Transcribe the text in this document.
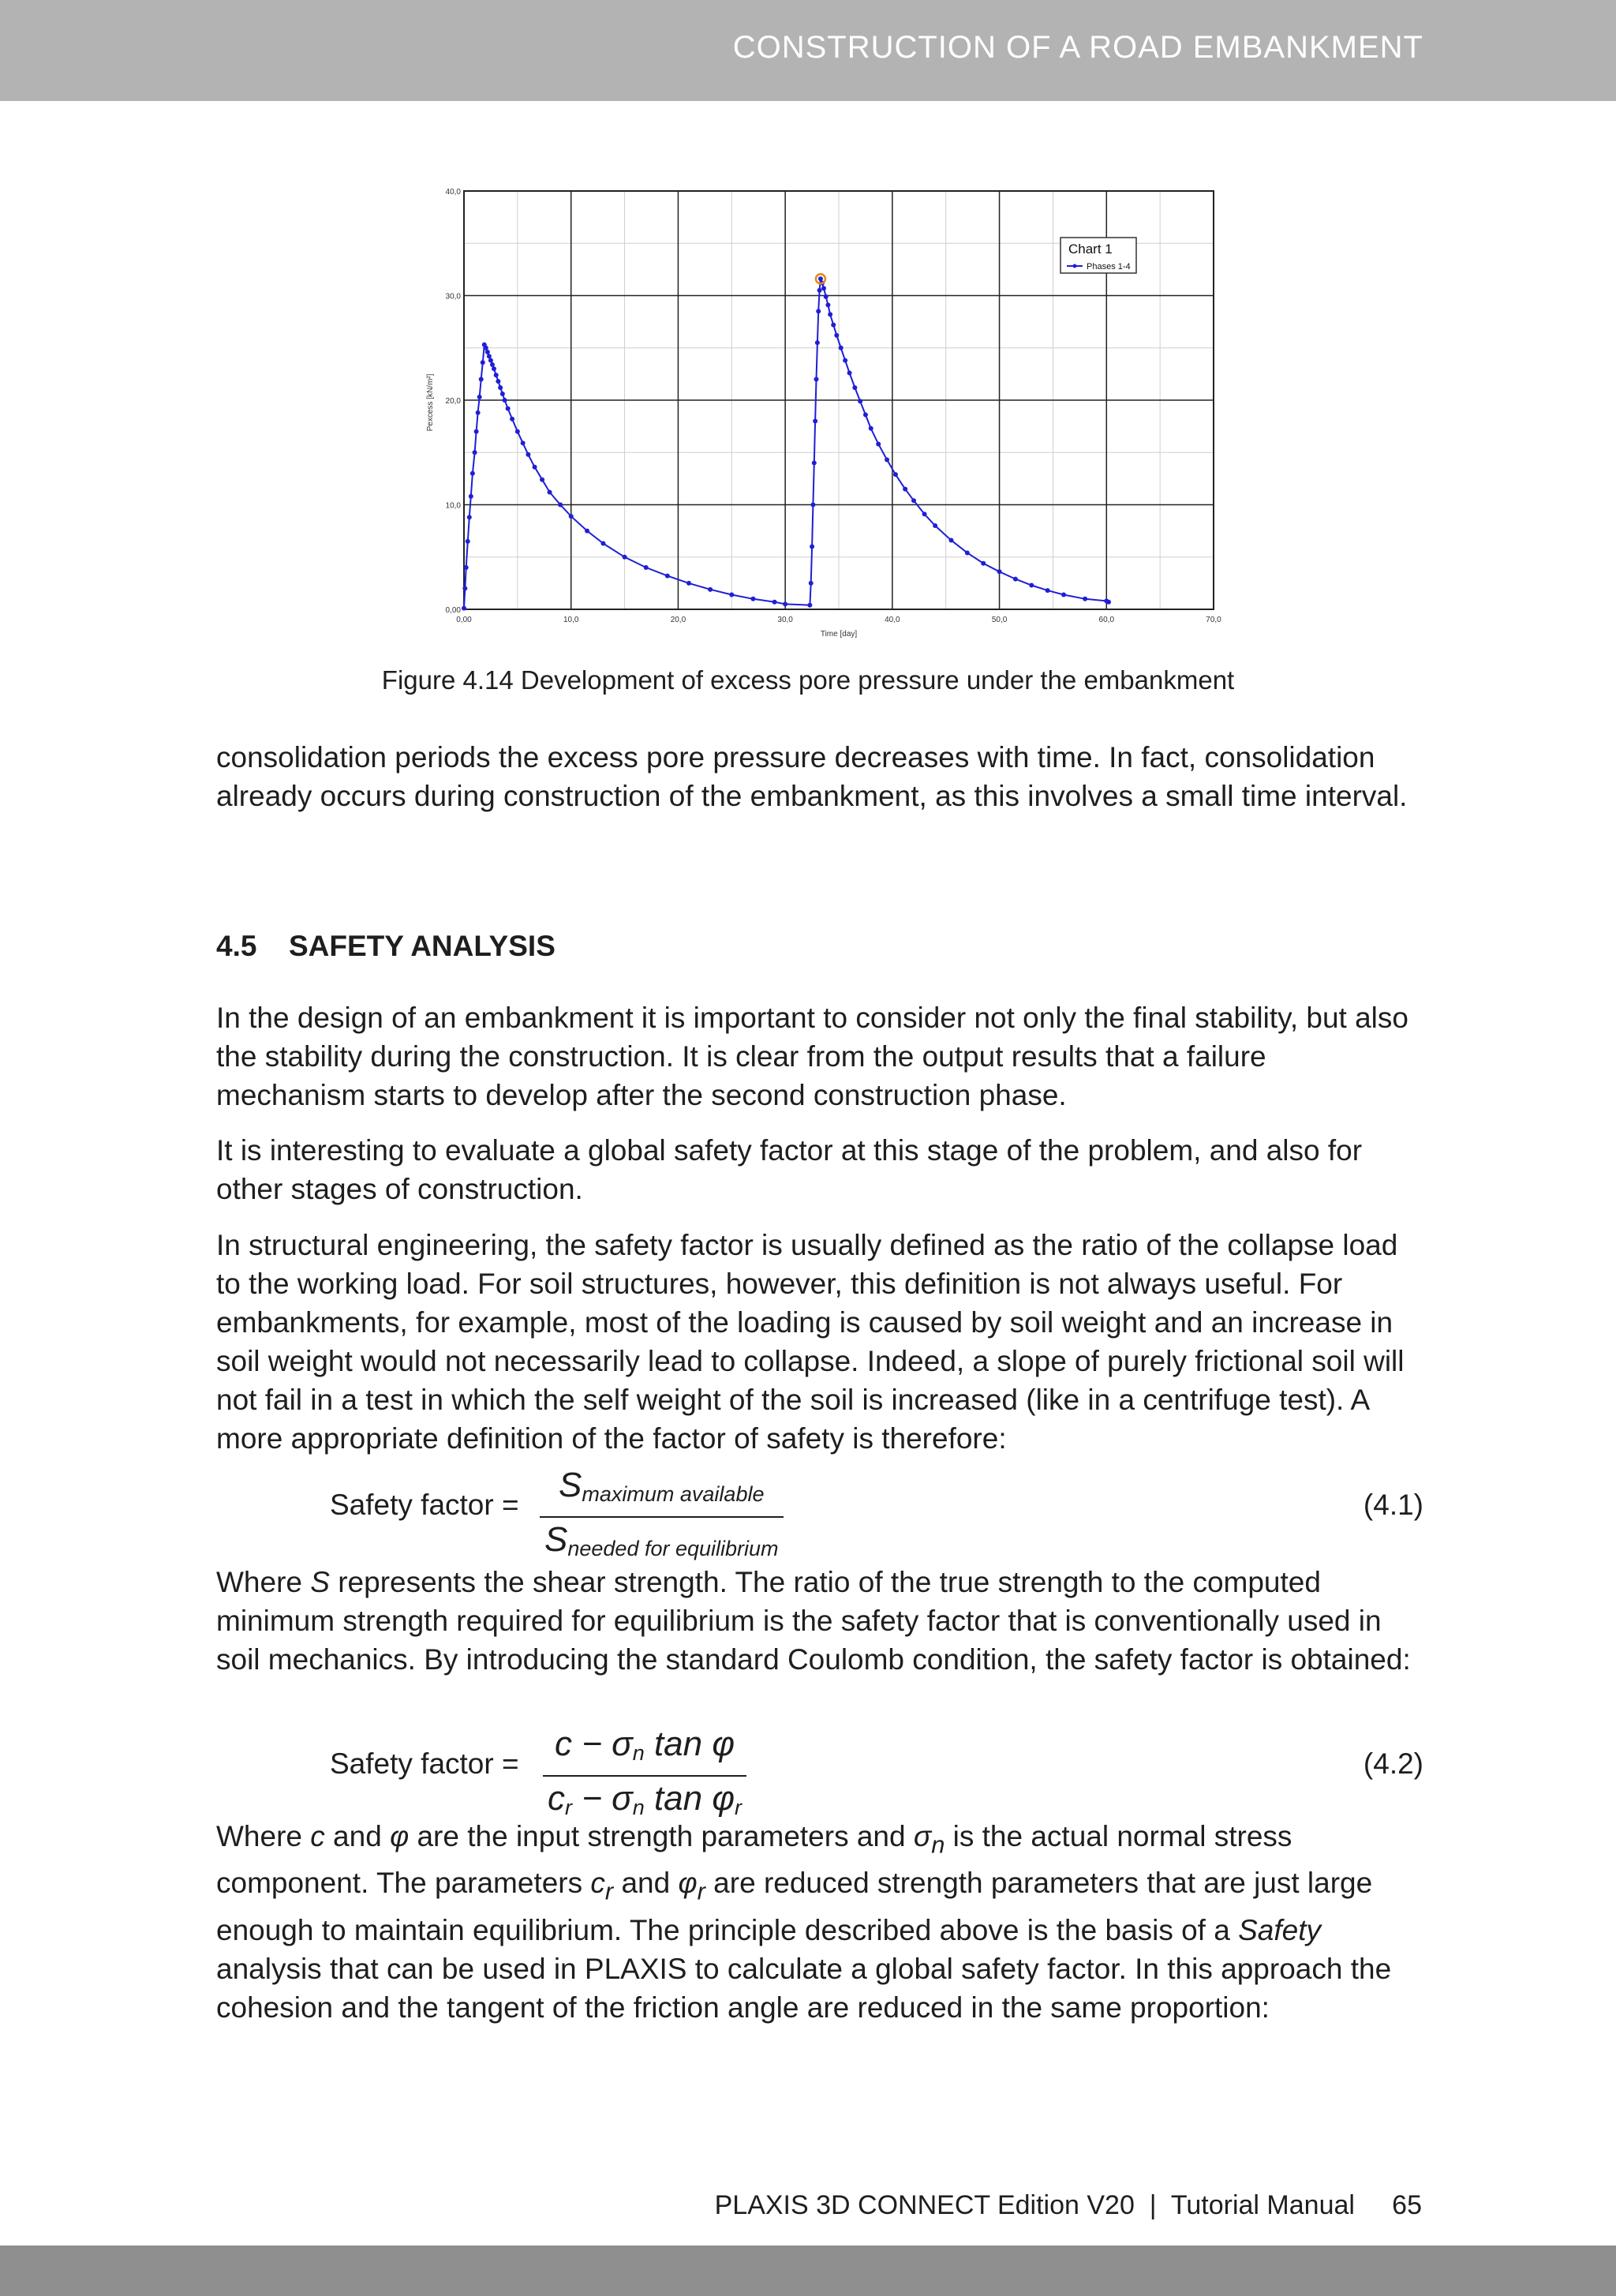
CONSTRUCTION OF A ROAD EMBANKMENT
0,00
10,0
20,0
30,0
40,0
0,00	10,0	20,0	30,0	40,0	50,0	60,0	70,0
Pexcess [kN/m²]
Time [day]
Chart 1
Phases 1-4
Figure 4.14 Development of excess pore pressure under the embankment

consolidation periods the excess pore pressure decreases with time. In fact, consolidation already occurs during construction of the embankment, as this involves a small time interval.

4.5 SAFETY ANALYSIS

In the design of an embankment it is important to consider not only the final stability, but also the stability during the construction. It is clear from the output results that a failure mechanism starts to develop after the second construction phase.

It is interesting to evaluate a global safety factor at this stage of the problem, and also for other stages of construction.

In structural engineering, the safety factor is usually defined as the ratio of the collapse load to the working load. For soil structures, however, this definition is not always useful. For embankments, for example, most of the loading is caused by soil weight and an increase in soil weight would not necessarily lead to collapse. Indeed, a slope of purely frictional soil will not fail in a test in which the self weight of the soil is increased (like in a centrifuge test). A more appropriate definition of the factor of safety is therefore:

Safety factor =
$S_{maximum available}$
$S_{needed for equilibrium}$
(4.1)

Where S represents the shear strength. The ratio of the true strength to the computed minimum strength required for equilibrium is the safety factor that is conventionally used in soil mechanics. By introducing the standard Coulomb condition, the safety factor is obtained:

Safety factor = $\frac{c - \sigma_n \tan \varphi}{c_r - \sigma_n \tan \varphi_r}$	(4.2)

Where c and φ are the input strength parameters and $\sigma_n$ is the actual normal stress component. The parameters $c_r$ and $\varphi_r$ are reduced strength parameters that are just large enough to maintain equilibrium. The principle described above is the basis of a Safety analysis that can be used in PLAXIS to calculate a global safety factor. In this approach the cohesion and the tangent of the friction angle are reduced in the same proportion:

PLAXIS 3D CONNECT Edition V20  |  Tutorial Manual     65
